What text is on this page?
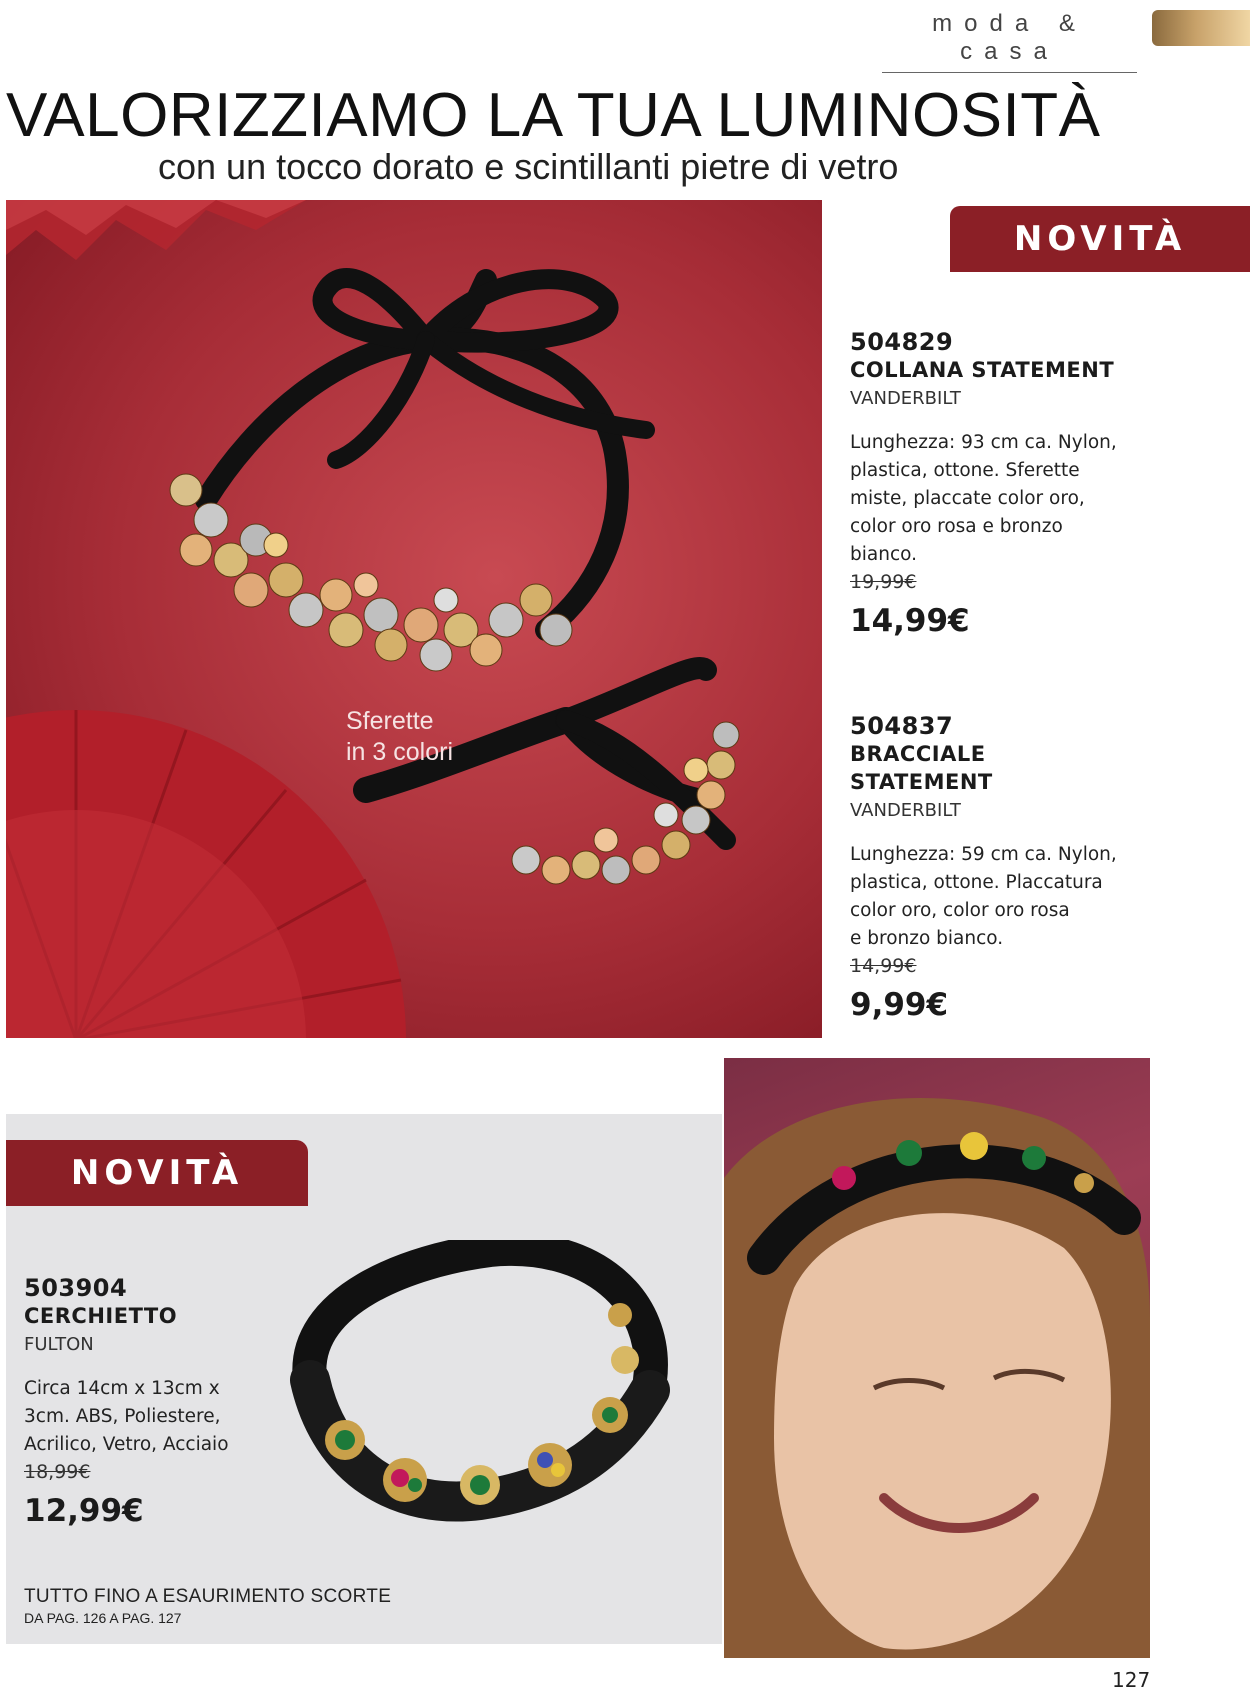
moda & casa
VALORIZZIAMO LA TUA LUMINOSITÀ
con un tocco dorato e scintillanti pietre di vetro
Sferette
in 3 colori
NOVITÀ
504829
COLLANA STATEMENT
VANDERBILT
Lunghezza: 93 cm ca. Nylon,
plastica, ottone. Sferette
miste, placcate color oro,
color oro rosa e bronzo
bianco.
19,99€
14,99€
504837
BRACCIALE
STATEMENT
VANDERBILT
Lunghezza: 59 cm ca. Nylon,
plastica, ottone. Placcatura
color oro, color oro rosa
e bronzo bianco.
14,99€
9,99€
NOVITÀ
503904
CERCHIETTO
FULTON
Circa 14cm x 13cm x
3cm. ABS, Poliestere,
Acrilico, Vetro, Acciaio
18,99€
12,99€
TUTTO FINO A ESAURIMENTO SCORTE
DA PAG. 126 A PAG. 127
127
